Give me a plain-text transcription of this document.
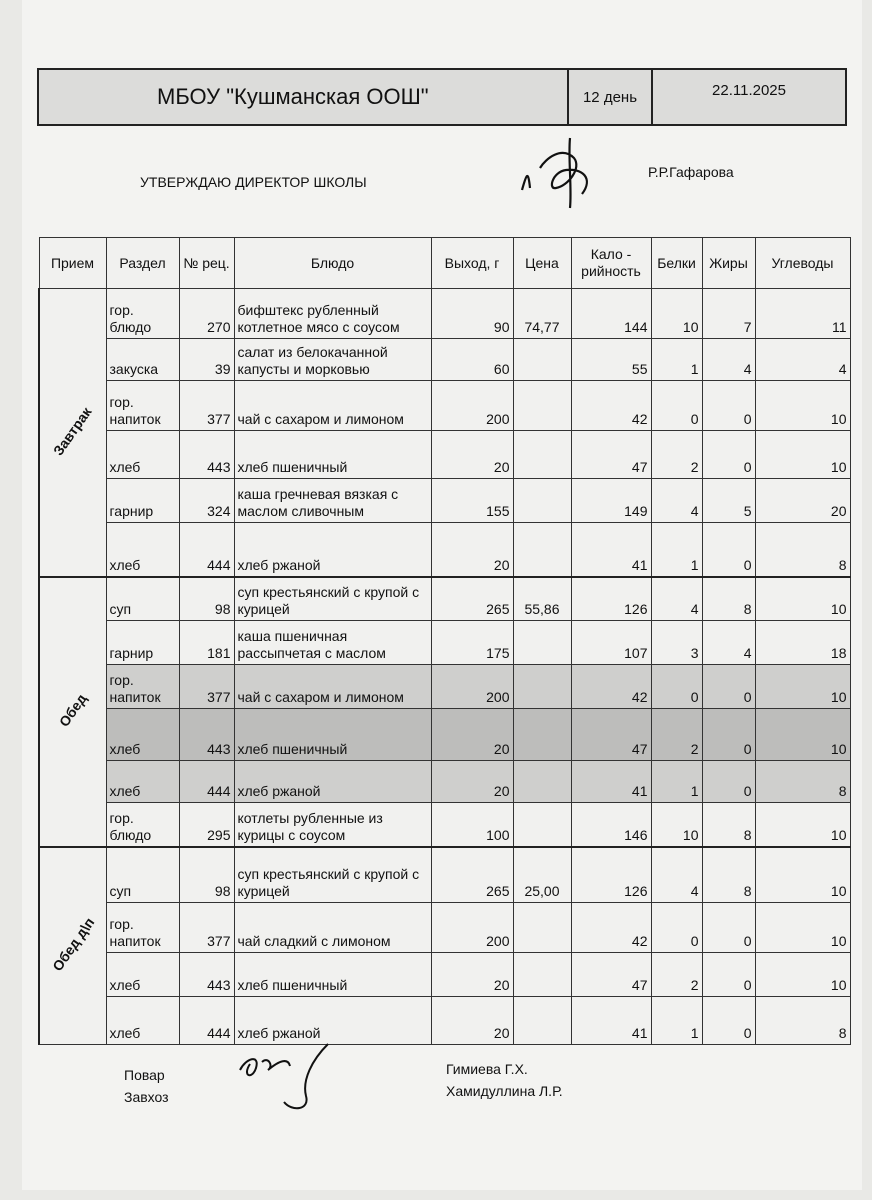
МБОУ "Кушманская ООШ"	12 день	22.11.2025
УТВЕРЖДАЮ ДИРЕКТОР ШКОЛЫ
Р.Р.Гафарова
Прием	Раздел	№ рец.	Блюдо	Выход, г	Цена	Кало - рийность	Белки	Жиры	Углеводы
Завтрак	гор. блюдо	270	бифштекс рубленный котлетное мясо с соусом	90	74,77	144	10	7	11
	закуска	39	салат из белокачанной капусты и морковью	60		55	1	4	4
	гор. напиток	377	чай с сахаром и лимоном	200		42	0	0	10
	хлеб	443	хлеб пшеничный	20		47	2	0	10
	гарнир	324	каша гречневая вязкая с маслом сливочным	155		149	4	5	20
	хлеб	444	хлеб ржаной	20		41	1	0	8
Обед	суп	98	суп крестьянский с крупой с курицей	265	55,86	126	4	8	10
	гарнир	181	каша пшеничная рассыпчетая с маслом	175		107	3	4	18
	гор. напиток	377	чай с сахаром и лимоном	200		42	0	0	10
	хлеб	443	хлеб пшеничный	20		47	2	0	10
	хлеб	444	хлеб ржаной	20		41	1	0	8
	гор. блюдо	295	котлеты рубленные из курицы с соусом	100		146	10	8	10
Обед д\п	суп	98	суп крестьянский с крупой с курицей	265	25,00	126	4	8	10
	гор. напиток	377	чай сладкий с лимоном	200		42	0	0	10
	хлеб	443	хлеб пшеничный	20		47	2	0	10
	хлеб	444	хлеб ржаной	20		41	1	0	8
Повар
Завхоз
Гимиева Г.Х.
Хамидуллина Л.Р.
